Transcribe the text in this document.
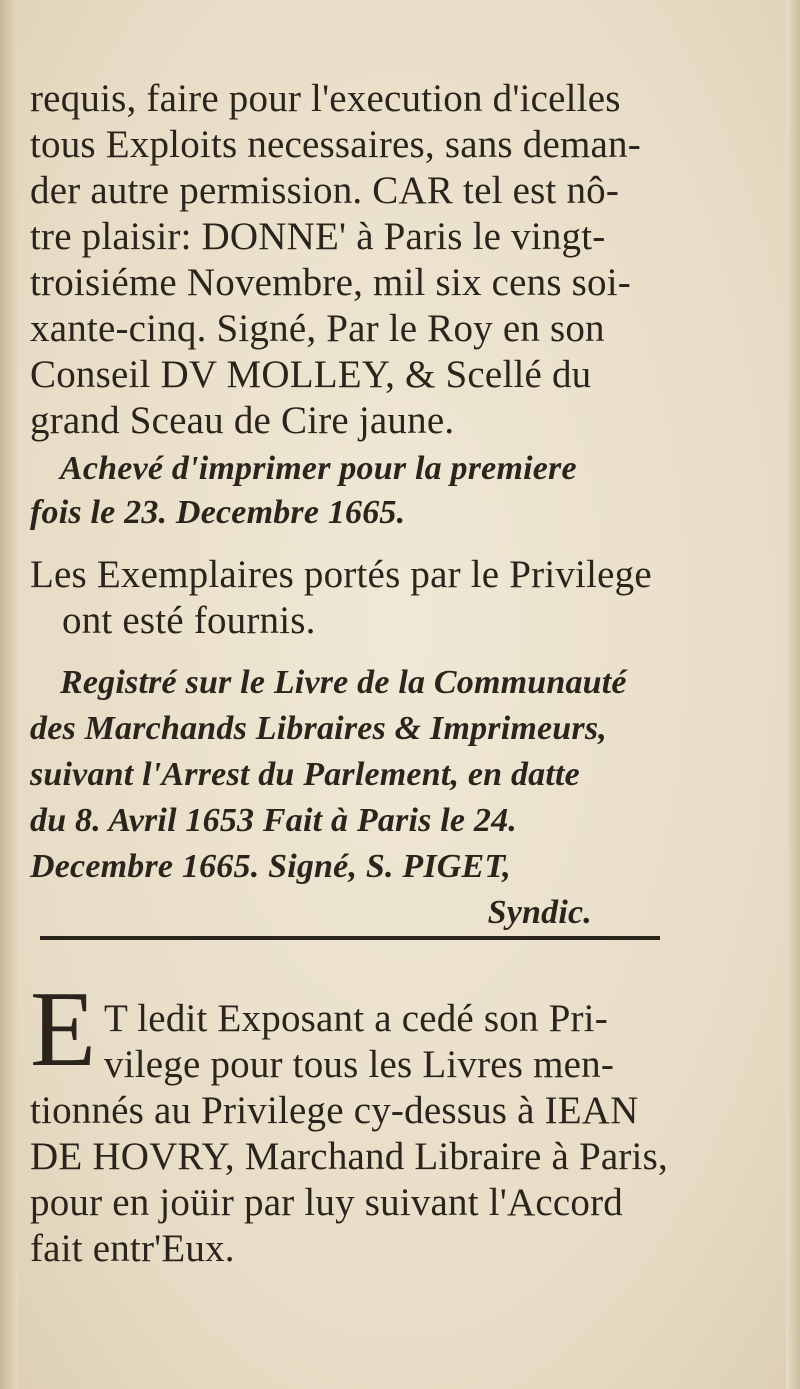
requis, faire pour l'execution d'icelles
tous Exploits necessaires, sans deman-
der autre permission. CAR tel est nô-
tre plaisir: DONNE' à Paris le vingt-
troisiéme Novembre, mil six cens soi-
xante-cinq. Signé, Par le Roy en son
Conseil DV MOLLEY, & Scellé du
grand Sceau de Cire jaune.
Achevé d'imprimer pour la premiere
fois le 23. Decembre 1665.
Les Exemplaires portés par le Privilege
ont esté fournis.
Registré sur le Livre de la Communauté
des Marchands Libraires & Imprimeurs,
suivant l'Arrest du Parlement, en datte
du 8. Avril 1653 Fait à Paris le 24.
Decembre 1665. Signé, S. PIGET,
Syndic.
E T ledit Exposant a cedé son Pri-
vilege pour tous les Livres men-
tionnés au Privilege cy-dessus à IEAN
DE HOVRY, Marchand Libraire à Paris,
pour en joüir par luy suivant l'Accord
fait entr'Eux.
